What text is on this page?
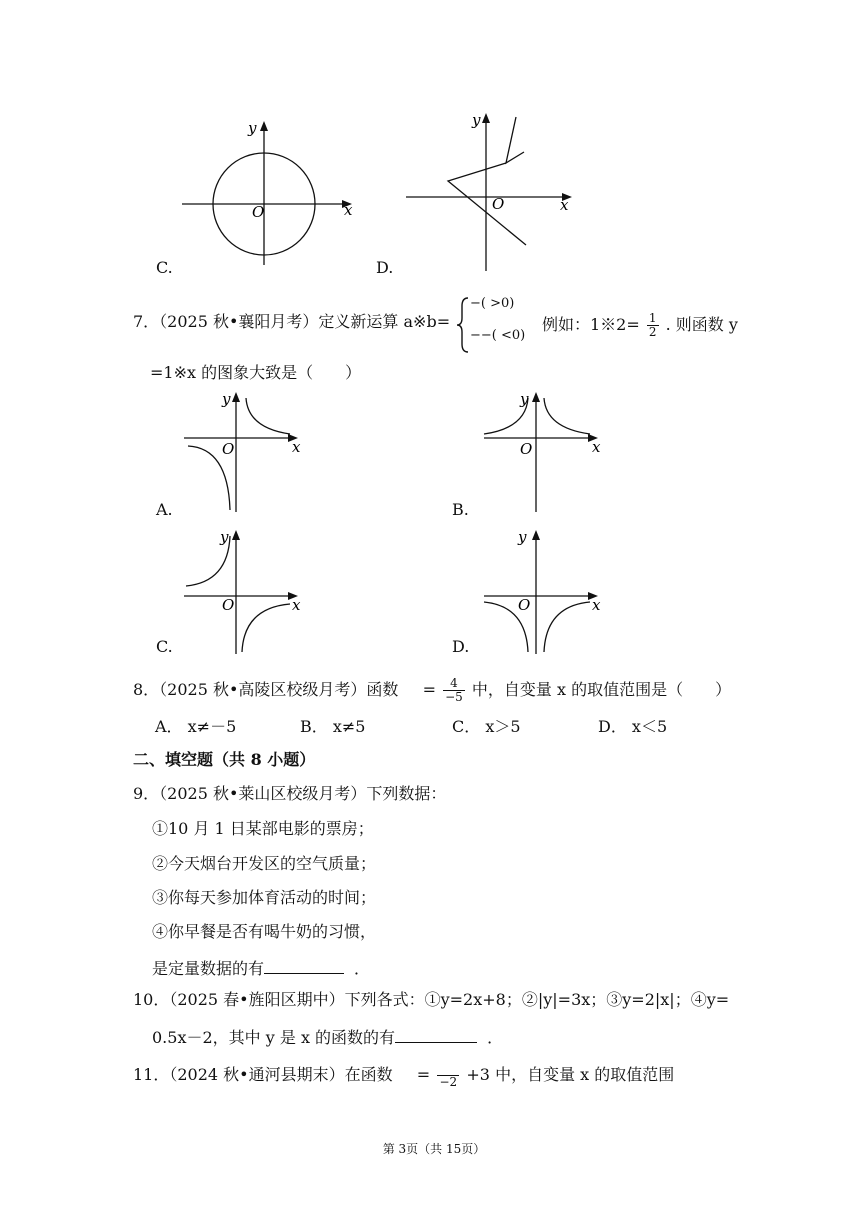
y
x
O
C.
y
x
O
D.
7．（2025 秋•襄阳月考）定义新运算 a※b=
−( >0)
−−( <0)
例如：1※2= $\frac{1}{2}$ . 则函数 y
=1※x 的图象大致是（　　）
y
x
O
A.
y
x
O
B.
y
x
O
C.
y
x
O
D.
8．（2025 秋•高陵区校级月考）函数 = $\frac{4}{-5}$ 中，自变量 x 的取值范围是（　　）
A． x≠－5	B． x≠5	C． x＞5	D． x＜5
二、填空题（共 8 小题）
9．（2025 秋•莱山区校级月考）下列数据：
①10 月 1 日某部电影的票房；
②今天烟台开发区的空气质量；
③你每天参加体育活动的时间；
④你早餐是否有喝牛奶的习惯，
是定量数据的有	．
10．（2025 春•旌阳区期中）下列各式：①y=2x+8；②|y|=3x；③y=2|x|；④y=
0.5x－2，其中 y 是 x 的函数的有	．
11．（2024 秋•通河县期末）在函数 = −2 +3 中，自变量 x 的取值范围
第 3页（共 15页）
